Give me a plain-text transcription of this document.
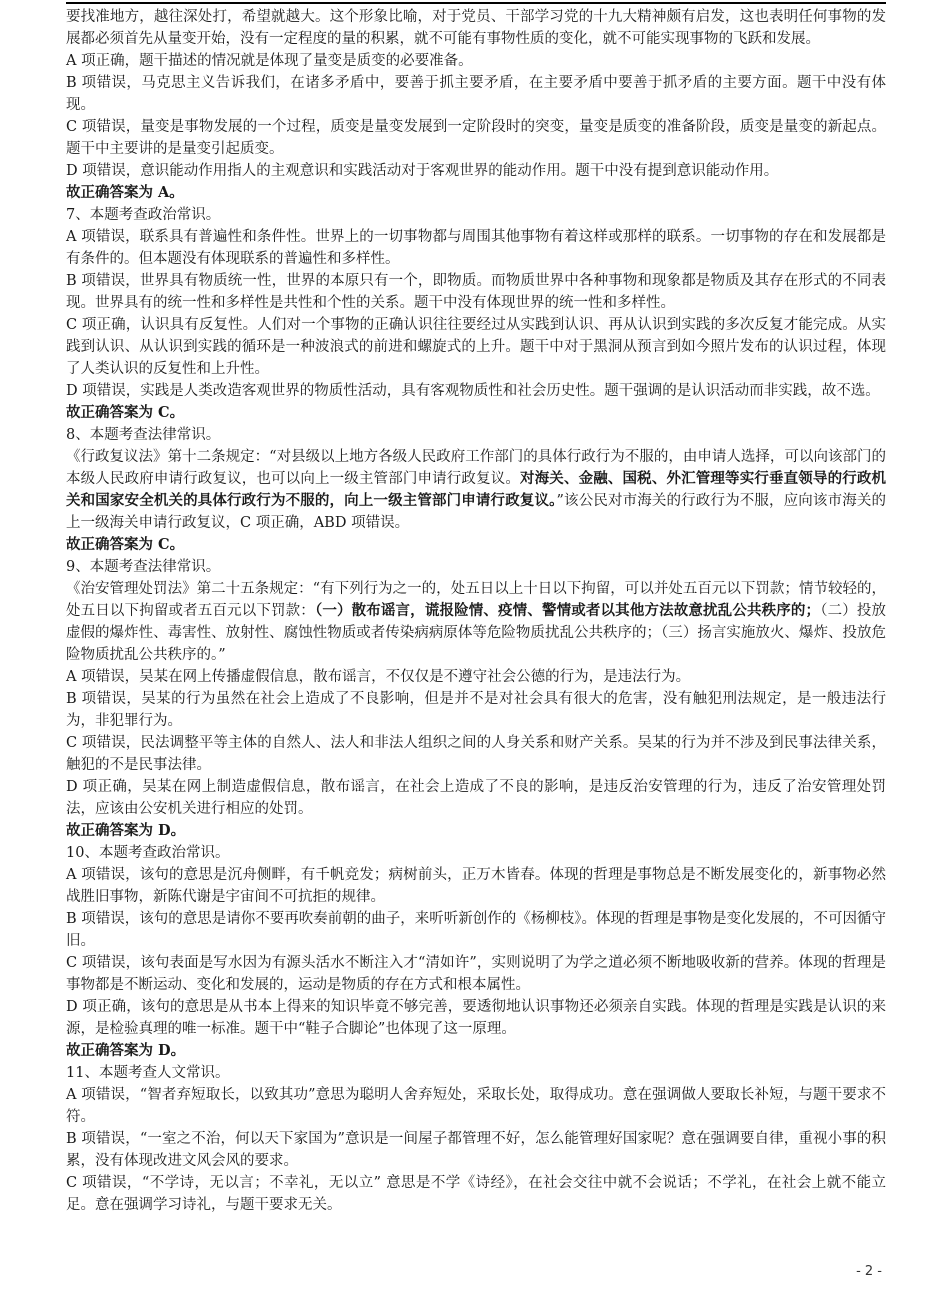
要找准地方，越往深处打，希望就越大。这个形象比喻，对于党员、干部学习党的十九大精神颇有启发，这也表明任何事物的发展都必须首先从量变开始，没有一定程度的量的积累，就不可能有事物性质的变化，就不可能实现事物的飞跃和发展。

A 项正确，题干描述的情况就是体现了量变是质变的必要准备。

B 项错误，马克思主义告诉我们，在诸多矛盾中，要善于抓主要矛盾，在主要矛盾中要善于抓矛盾的主要方面。题干中没有体现。

C 项错误，量变是事物发展的一个过程，质变是量变发展到一定阶段时的突变，量变是质变的准备阶段，质变是量变的新起点。题干中主要讲的是量变引起质变。

D 项错误，意识能动作用指人的主观意识和实践活动对于客观世界的能动作用。题干中没有提到意识能动作用。

故正确答案为 A。

7、本题考查政治常识。

A 项错误，联系具有普遍性和条件性。世界上的一切事物都与周围其他事物有着这样或那样的联系。一切事物的存在和发展都是有条件的。但本题没有体现联系的普遍性和多样性。

B 项错误，世界具有物质统一性，世界的本原只有一个，即物质。而物质世界中各种事物和现象都是物质及其存在形式的不同表现。世界具有的统一性和多样性是共性和个性的关系。题干中没有体现世界的统一性和多样性。

C 项正确，认识具有反复性。人们对一个事物的正确认识往往要经过从实践到认识、再从认识到实践的多次反复才能完成。从实践到认识、从认识到实践的循环是一种波浪式的前进和螺旋式的上升。题干中对于黑洞从预言到如今照片发布的认识过程，体现了人类认识的反复性和上升性。

D 项错误，实践是人类改造客观世界的物质性活动，具有客观物质性和社会历史性。题干强调的是认识活动而非实践，故不选。

故正确答案为 C。

8、本题考查法律常识。

《行政复议法》第十二条规定：“对县级以上地方各级人民政府工作部门的具体行政行为不服的，由申请人选择，可以向该部门的本级人民政府申请行政复议，也可以向上一级主管部门申请行政复议。对海关、金融、国税、外汇管理等实行垂直领导的行政机关和国家安全机关的具体行政行为不服的，向上一级主管部门申请行政复议。”该公民对市海关的行政行为不服，应向该市海关的上一级海关申请行政复议，C 项正确，ABD 项错误。

故正确答案为 C。

9、本题考查法律常识。

《治安管理处罚法》第二十五条规定：“有下列行为之一的，处五日以上十日以下拘留，可以并处五百元以下罚款；情节较轻的，处五日以下拘留或者五百元以下罚款：（一）散布谣言，谎报险情、疫情、警情或者以其他方法故意扰乱公共秩序的；（二）投放虚假的爆炸性、毒害性、放射性、腐蚀性物质或者传染病病原体等危险物质扰乱公共秩序的；（三）扬言实施放火、爆炸、投放危险物质扰乱公共秩序的。”

A 项错误，吴某在网上传播虚假信息，散布谣言，不仅仅是不遵守社会公德的行为，是违法行为。

B 项错误，吴某的行为虽然在社会上造成了不良影响，但是并不是对社会具有很大的危害，没有触犯刑法规定，是一般违法行为，非犯罪行为。

C 项错误，民法调整平等主体的自然人、法人和非法人组织之间的人身关系和财产关系。吴某的行为并不涉及到民事法律关系，触犯的不是民事法律。

D 项正确，吴某在网上制造虚假信息，散布谣言，在社会上造成了不良的影响，是违反治安管理的行为，违反了治安管理处罚法，应该由公安机关进行相应的处罚。

故正确答案为 D。

10、本题考查政治常识。

A 项错误，该句的意思是沉舟侧畔，有千帆竞发；病树前头，正万木皆春。体现的哲理是事物总是不断发展变化的，新事物必然战胜旧事物，新陈代谢是宇宙间不可抗拒的规律。

B 项错误，该句的意思是请你不要再吹奏前朝的曲子，来听听新创作的《杨柳枝》。体现的哲理是事物是变化发展的，不可因循守旧。

C 项错误，该句表面是写水因为有源头活水不断注入才“清如许”，实则说明了为学之道必须不断地吸收新的营养。体现的哲理是事物都是不断运动、变化和发展的，运动是物质的存在方式和根本属性。

D 项正确，该句的意思是从书本上得来的知识毕竟不够完善，要透彻地认识事物还必须亲自实践。体现的哲理是实践是认识的来源，是检验真理的唯一标准。题干中“鞋子合脚论”也体现了这一原理。

故正确答案为 D。

11、本题考查人文常识。

A 项错误，“智者弃短取长，以致其功”意思为聪明人舍弃短处，采取长处，取得成功。意在强调做人要取长补短，与题干要求不符。

B 项错误，“一室之不治，何以天下家国为”意识是一间屋子都管理不好，怎么能管理好国家呢？意在强调要自律，重视小事的积累，没有体现改进文风会风的要求。

C 项错误，“不学诗，无以言；不幸礼，无以立” 意思是不学《诗经》，在社会交往中就不会说话；不学礼，在社会上就不能立足。意在强调学习诗礼，与题干要求无关。

- 2 -
